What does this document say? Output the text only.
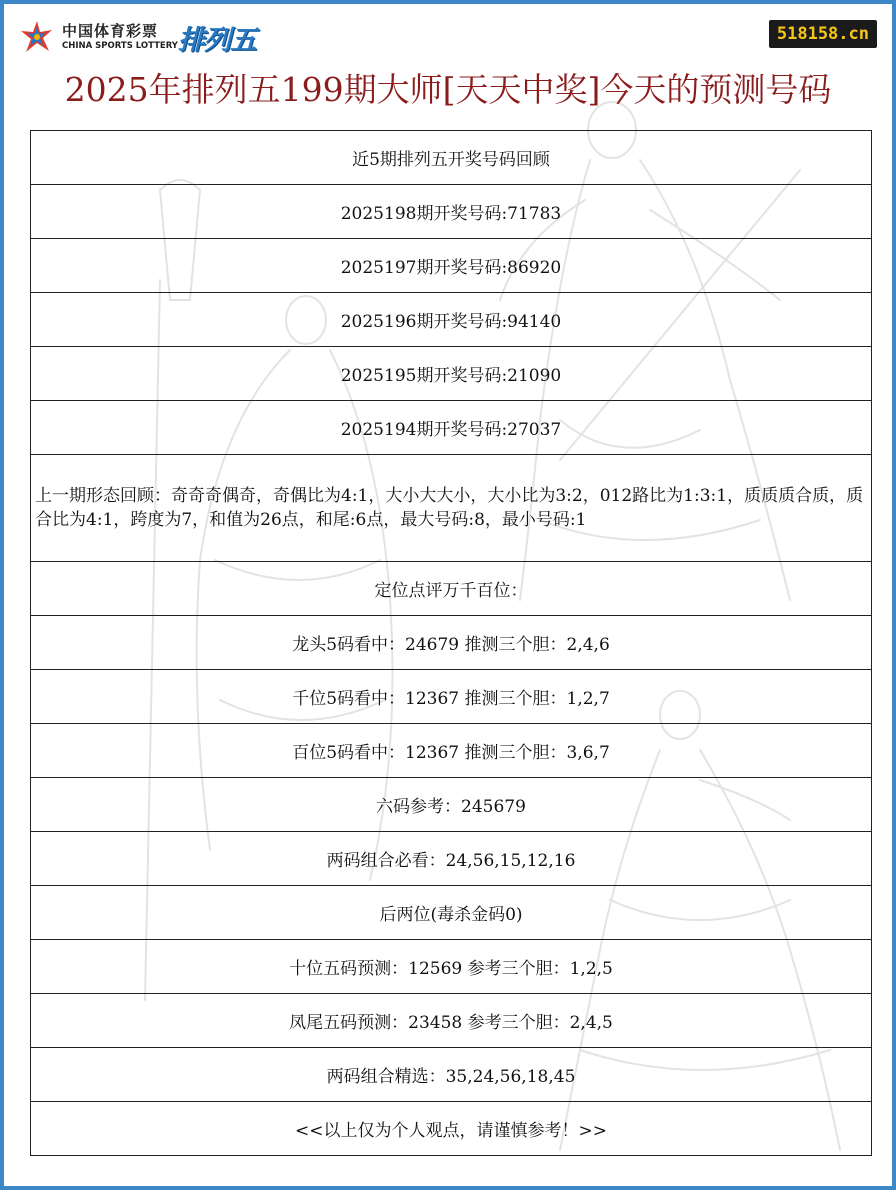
中国体育彩票
CHINA SPORTS LOTTERY 排列五	518158.cn
2025年排列五199期大师[天天中奖]今天的预测号码
近5期排列五开奖号码回顾
2025198期开奖号码:71783
2025197期开奖号码:86920
2025196期开奖号码:94140
2025195期开奖号码:21090
2025194期开奖号码:27037
上一期形态回顾：奇奇奇偶奇，奇偶比为4:1，大小大大小，大小比为3:2，012路比为1:3:1，质质质合质，质合比为4:1，跨度为7，和值为26点，和尾:6点，最大号码:8，最小号码:1
定位点评万千百位：
龙头5码看中：24679 推测三个胆：2,4,6
千位5码看中：12367 推测三个胆：1,2,7
百位5码看中：12367 推测三个胆：3,6,7
六码参考：245679
两码组合必看：24,56,15,12,16
后两位(毒杀金码0)
十位五码预测：12569 参考三个胆：1,2,5
凤尾五码预测：23458 参考三个胆：2,4,5
两码组合精选：35,24,56,18,45
<<以上仅为个人观点，请谨慎参考！>>
